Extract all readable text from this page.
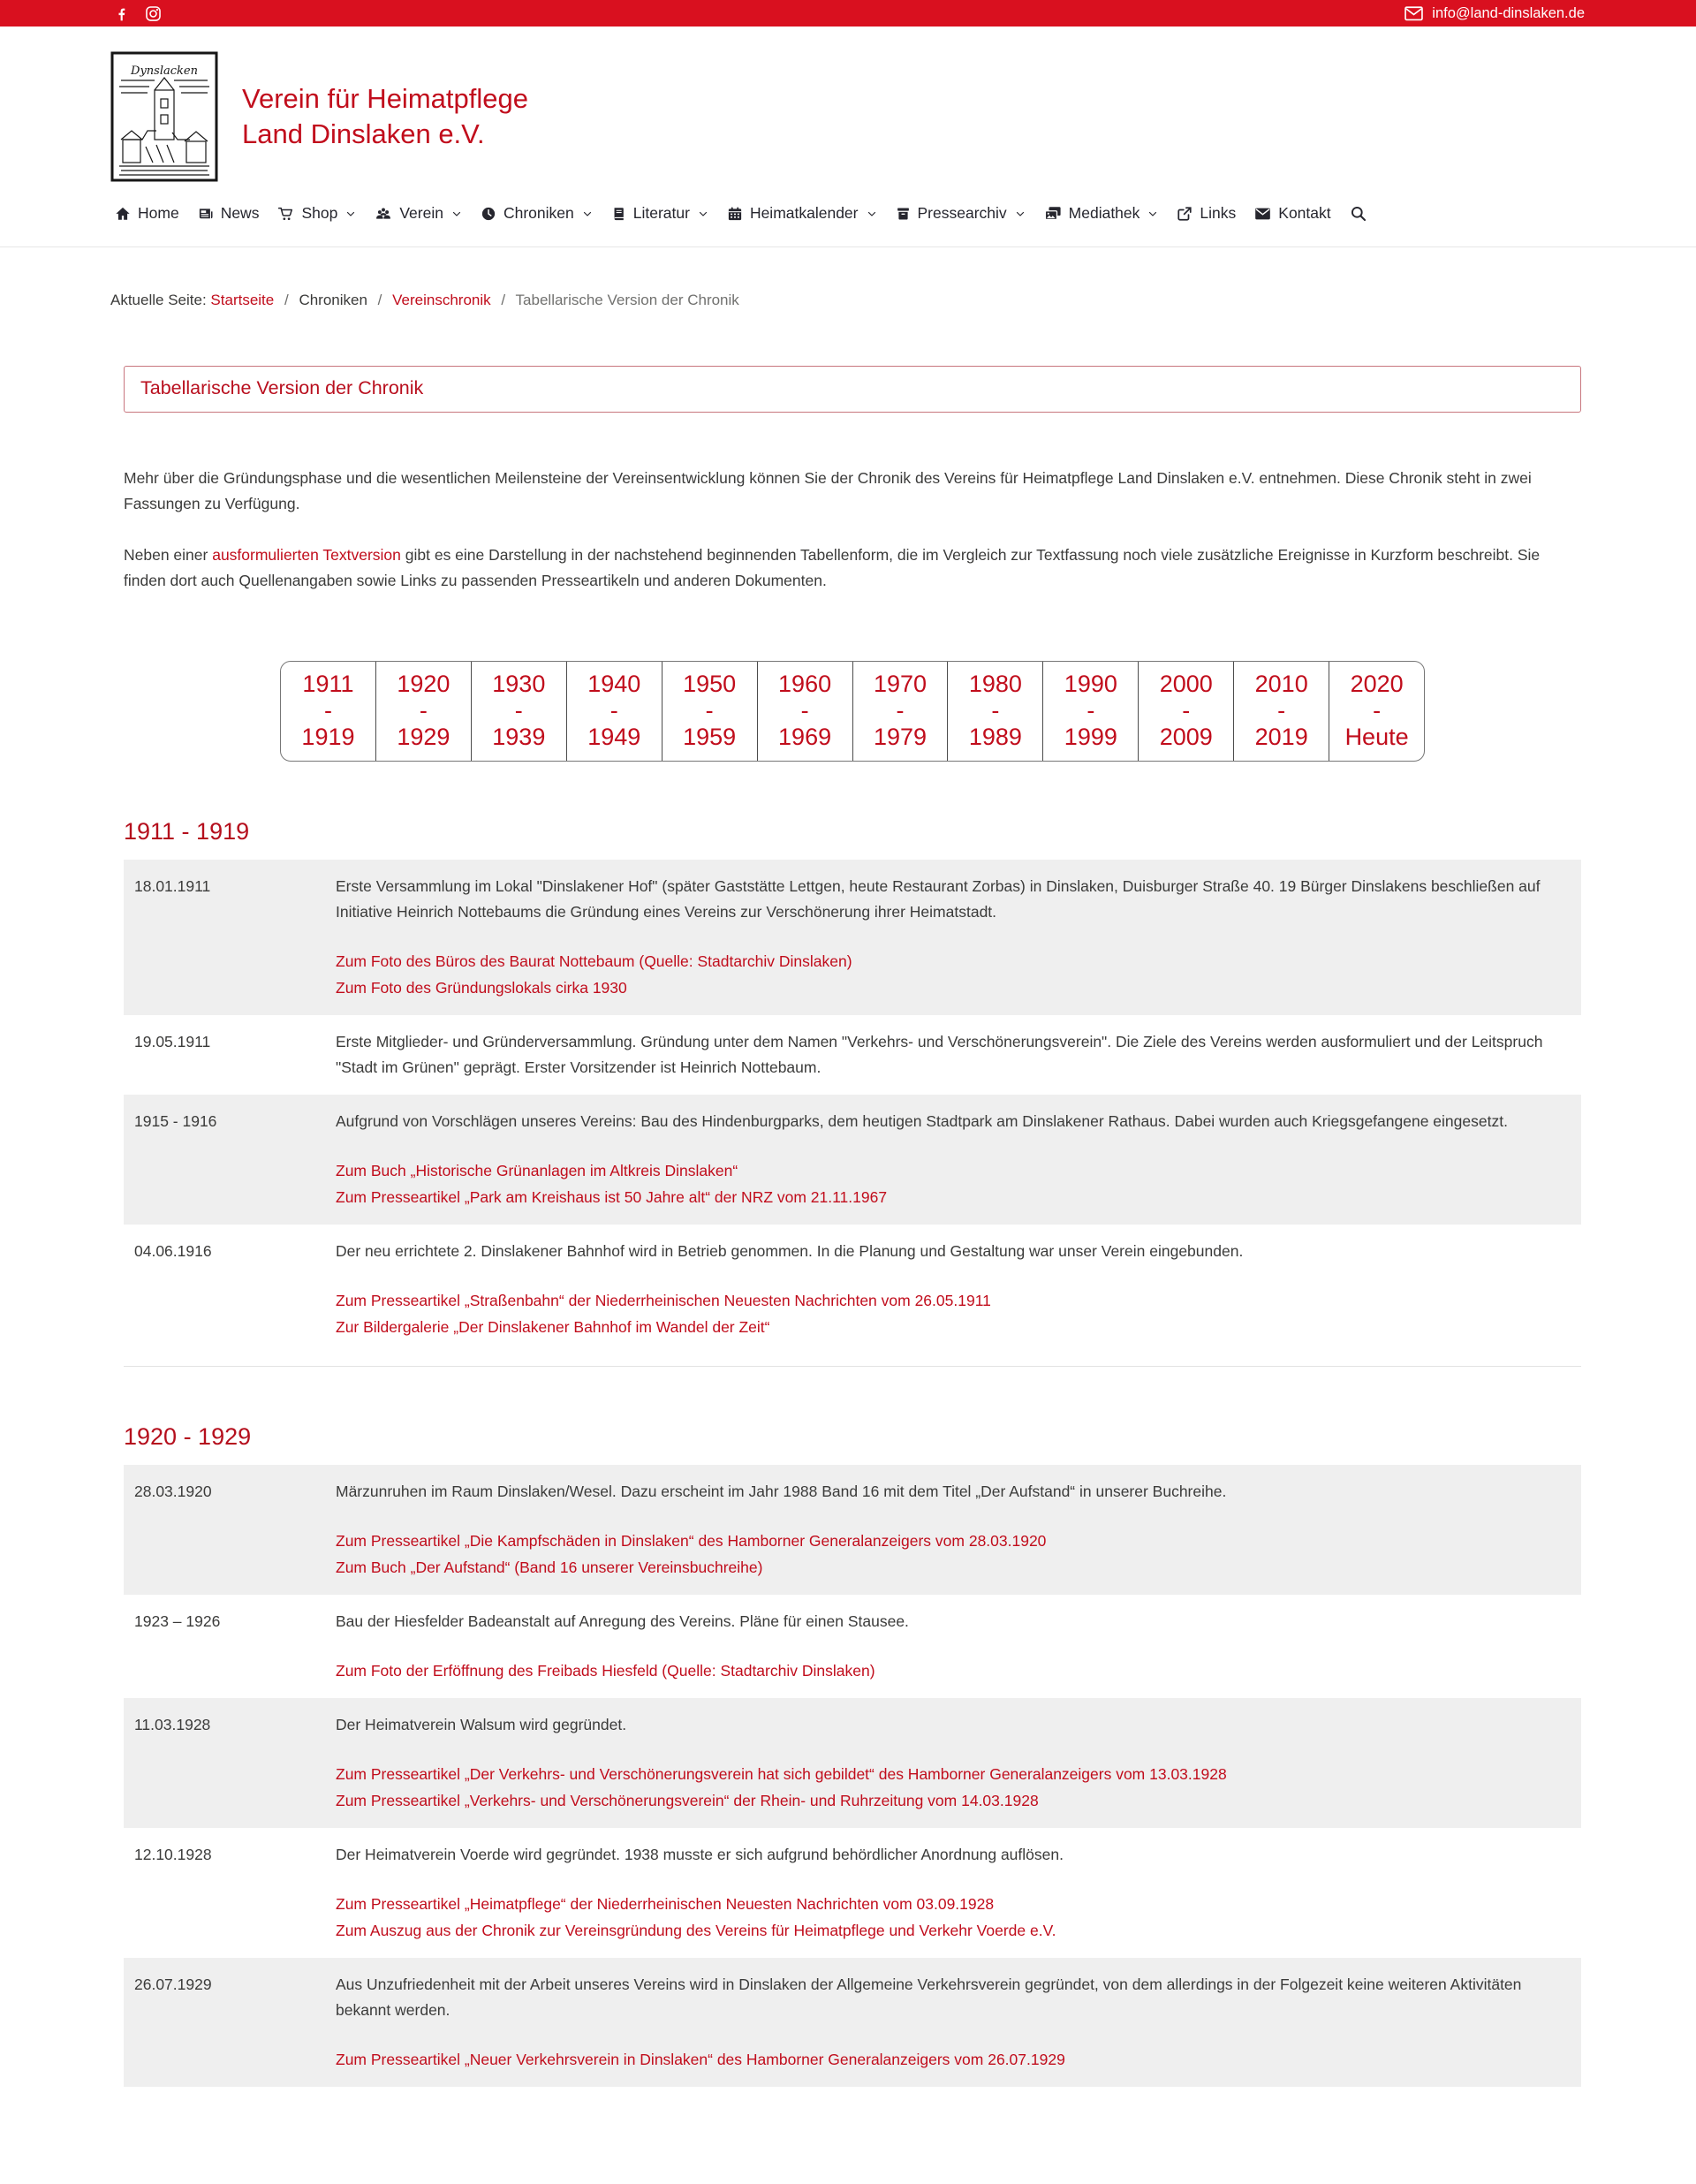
info@land-dinslaken.de
Dynslacken
Verein für Heimatpflege
Land Dinslaken e.V.
Home	News	Shop	Verein	Chroniken	Literatur	Heimatkalender	Pressearchiv	Mediathek	Links	Kontakt
Aktuelle Seite: Startseite / Chroniken / Vereinschronik / Tabellarische Version der Chronik
Tabellarische Version der Chronik

Mehr über die Gründungsphase und die wesentlichen Meilensteine der Vereinsentwicklung können Sie der Chronik des Vereins für Heimatpflege Land Dinslaken e.V. entnehmen. Diese Chronik steht in zwei Fassungen zu Verfügung.

Neben einer ausformulierten Textversion gibt es eine Darstellung in der nachstehend beginnenden Tabellenform, die im Vergleich zur Textfassung noch viele zusätzliche Ereignisse in Kurzform beschreibt. Sie finden dort auch Quellenangaben sowie Links zu passenden Presseartikeln und anderen Dokumenten.

1911
-
1919
1920
-
1929
1930
-
1939
1940
-
1949
1950
-
1959
1960
-
1969
1970
-
1979
1980
-
1989
1990
-
1999
2000
-
2009
2010
-
2019
2020
-
Heute
1911 - 1919
18.01.1911	Erste Versammlung im Lokal "Dinslakener Hof" (später Gaststätte Lettgen, heute Restaurant Zorbas) in Dinslaken, Duisburger Straße 40. 19 Bürger Dinslakens beschließen auf Initiative Heinrich Nottebaums die Gründung eines Vereins zur Verschönerung ihrer Heimatstadt.
Zum Foto des Büros des Baurat Nottebaum (Quelle: Stadtarchiv Dinslaken)
Zum Foto des Gründungslokals cirka 1930
19.05.1911	Erste Mitglieder- und Gründerversammlung. Gründung unter dem Namen "Verkehrs- und Verschönerungsverein". Die Ziele des Vereins werden ausformuliert und der Leitspruch "Stadt im Grünen" geprägt. Erster Vorsitzender ist Heinrich Nottebaum.
1915 - 1916	Aufgrund von Vorschlägen unseres Vereins: Bau des Hindenburgparks, dem heutigen Stadtpark am Dinslakener Rathaus. Dabei wurden auch Kriegsgefangene eingesetzt.
Zum Buch „Historische Grünanlagen im Altkreis Dinslaken“
Zum Presseartikel „Park am Kreishaus ist 50 Jahre alt“ der NRZ vom 21.11.1967
04.06.1916	Der neu errichtete 2. Dinslakener Bahnhof wird in Betrieb genommen. In die Planung und Gestaltung war unser Verein eingebunden.
Zum Presseartikel „Straßenbahn“ der Niederrheinischen Neuesten Nachrichten vom 26.05.1911
Zur Bildergalerie „Der Dinslakener Bahnhof im Wandel der Zeit“
1920 - 1929
28.03.1920	Märzunruhen im Raum Dinslaken/Wesel. Dazu erscheint im Jahr 1988 Band 16 mit dem Titel „Der Aufstand“ in unserer Buchreihe.
Zum Presseartikel „Die Kampfschäden in Dinslaken“ des Hamborner Generalanzeigers vom 28.03.1920
Zum Buch „Der Aufstand“ (Band 16 unserer Vereinsbuchreihe)
1923 – 1926	Bau der Hiesfelder Badeanstalt auf Anregung des Vereins. Pläne für einen Stausee.
Zum Foto der Erföffnung des Freibads Hiesfeld (Quelle: Stadtarchiv Dinslaken)
11.03.1928	Der Heimatverein Walsum wird gegründet.
Zum Presseartikel „Der Verkehrs- und Verschönerungsverein hat sich gebildet“ des Hamborner Generalanzeigers vom 13.03.1928
Zum Presseartikel „Verkehrs- und Verschönerungsverein“ der Rhein- und Ruhrzeitung vom 14.03.1928
12.10.1928	Der Heimatverein Voerde wird gegründet. 1938 musste er sich aufgrund behördlicher Anordnung auflösen.
Zum Presseartikel „Heimatpflege“ der Niederrheinischen Neuesten Nachrichten vom 03.09.1928
Zum Auszug aus der Chronik zur Vereinsgründung des Vereins für Heimatpflege und Verkehr Voerde e.V.
26.07.1929	Aus Unzufriedenheit mit der Arbeit unseres Vereins wird in Dinslaken der Allgemeine Verkehrsverein gegründet, von dem allerdings in der Folgezeit keine weiteren Aktivitäten bekannt werden.
Zum Presseartikel „Neuer Verkehrsverein in Dinslaken“ des Hamborner Generalanzeigers vom 26.07.1929
